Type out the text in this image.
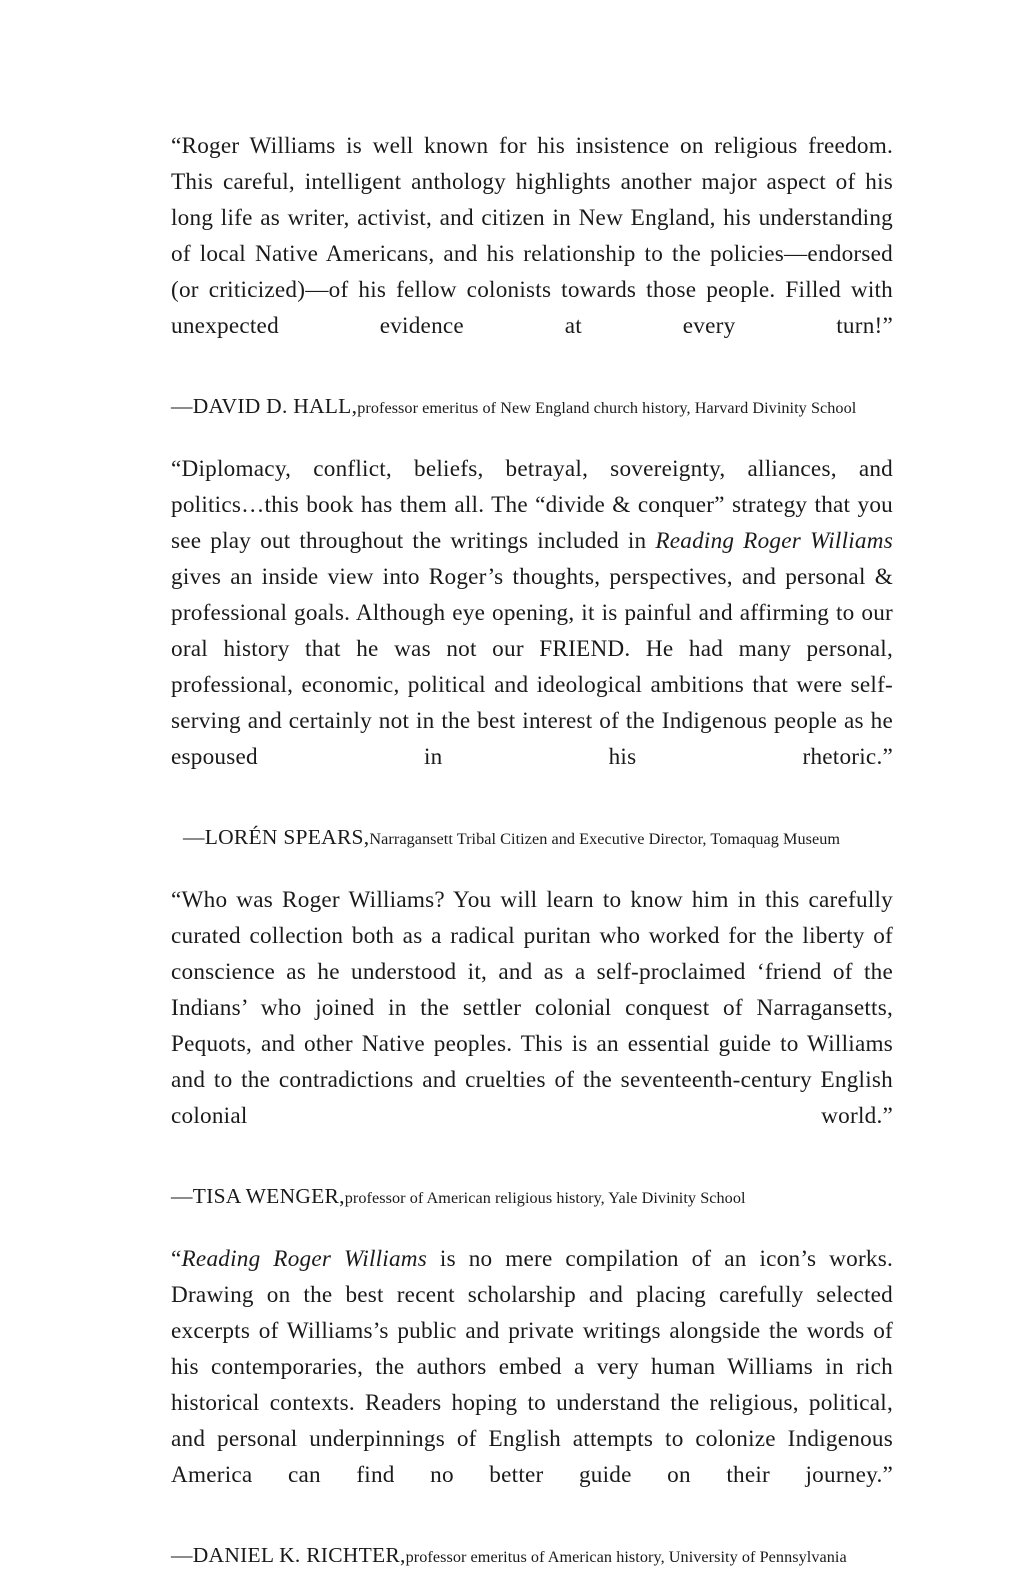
“Roger Williams is well known for his insistence on religious freedom. This careful, intelligent anthology highlights another major aspect of his long life as writer, activist, and citizen in New England, his understanding of local Native Americans, and his relationship to the policies—endorsed (or criticized)—of his fellow colonists towards those people. Filled with unexpected evidence at every turn!”

—DAVID D. HALL,professor emeritus of New England church history, Harvard Divinity School

“Diplomacy, conflict, beliefs, betrayal, sovereignty, alliances, and politics…this book has them all. The “divide & conquer” strategy that you see play out throughout the writings included in Reading Roger Williams gives an inside view into Roger’s thoughts, perspectives, and personal & professional goals. Although eye opening, it is painful and affirming to our oral history that he was not our FRIEND. He had many personal, professional, economic, political and ideological ambitions that were self-serving and certainly not in the best interest of the Indigenous people as he espoused in his rhetoric.”

—LORÉN SPEARS,Narragansett Tribal Citizen and Executive Director, Tomaquag Museum

“Who was Roger Williams? You will learn to know him in this carefully curated collection both as a radical puritan who worked for the liberty of conscience as he understood it, and as a self-proclaimed ‘friend of the Indians’ who joined in the settler colonial conquest of Narragansetts, Pequots, and other Native peoples. This is an essential guide to Williams and to the contradictions and cruelties of the seventeenth-century English colonial world.”

—TISA WENGER,professor of American religious history, Yale Divinity School

“Reading Roger Williams is no mere compilation of an icon’s works. Drawing on the best recent scholarship and placing carefully selected excerpts of Williams’s public and private writings alongside the words of his contemporaries, the authors embed a very human Williams in rich historical contexts. Readers hoping to understand the religious, political, and personal underpinnings of English attempts to colonize Indigenous America can find no better guide on their journey.”

—DANIEL K. RICHTER,professor emeritus of American history, University of Pennsylvania
